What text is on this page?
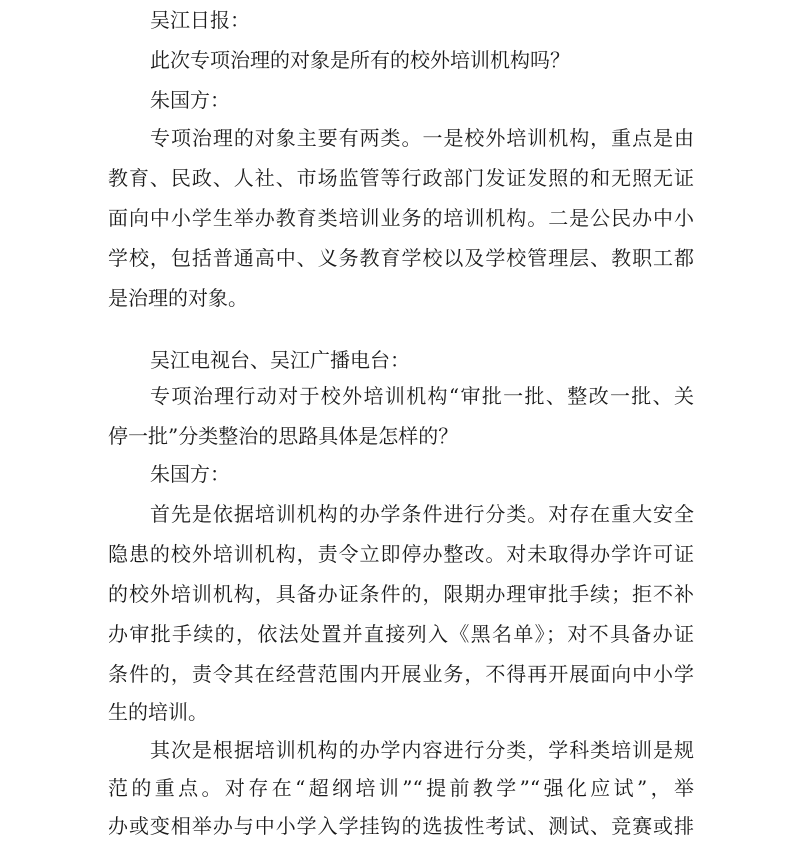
吴江日报：
此次专项治理的对象是所有的校外培训机构吗？
朱国方：
专项治理的对象主要有两类。一是校外培训机构，重点是由
教育、民政、人社、市场监管等行政部门发证发照的和无照无证
面向中小学生举办教育类培训业务的培训机构。二是公民办中小
学校，包括普通高中、义务教育学校以及学校管理层、教职工都
是治理的对象。
吴江电视台、吴江广播电台：
专项治理行动对于校外培训机构“审批一批、整改一批、关
停一批”分类整治的思路具体是怎样的？
朱国方：
首先是依据培训机构的办学条件进行分类。对存在重大安全
隐患的校外培训机构，责令立即停办整改。对未取得办学许可证
的校外培训机构，具备办证条件的，限期办理审批手续；拒不补
办审批手续的，依法处置并直接列入《黑名单》；对不具备办证
条件的，责令其在经营范围内开展业务，不得再开展面向中小学
生的培训。
其次是根据培训机构的办学内容进行分类，学科类培训是规
范的重点。对存在“超纲培训”“提前教学”“强化应试”，举
办或变相举办与中小学入学挂钩的选拔性考试、测试、竞赛或排
